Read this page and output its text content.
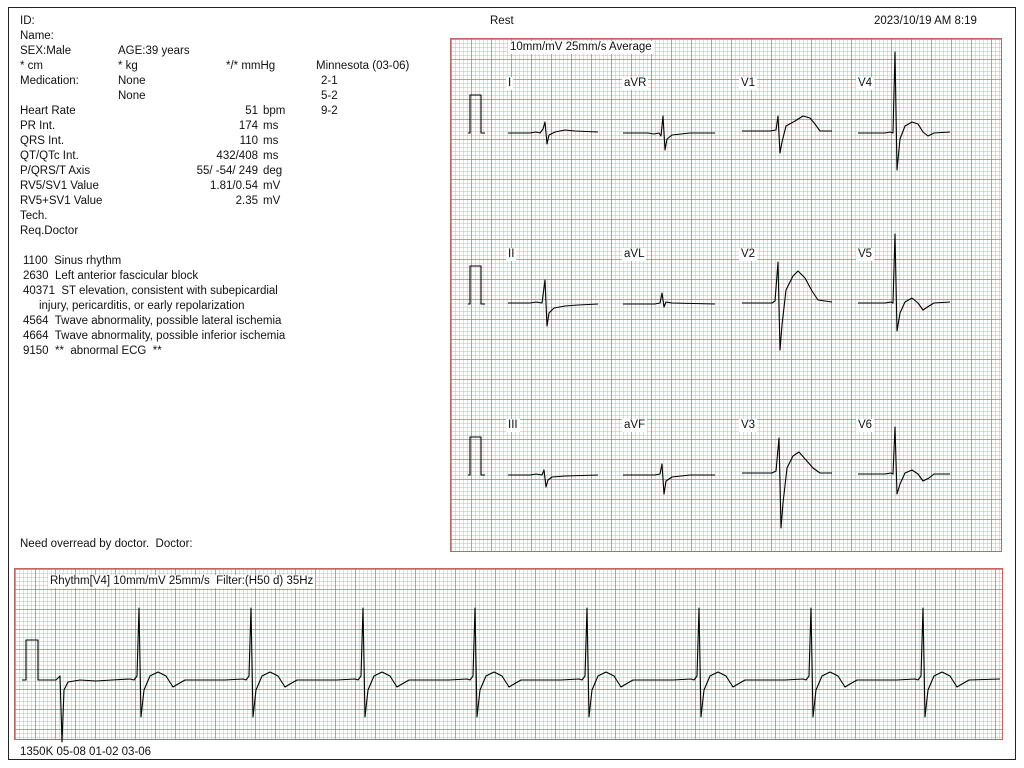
ID:	Rest	2023/10/19 AM 8:19
Name:
SEX:Male	AGE:39 years
* cm	* kg	*/* mmHg
Medication:	None
None
Minnesota (03-06)
2-1
5-2
9-2
Heart Rate	51 bpm
PR Int.	174 ms
QRS Int.	110 ms
QT/QTc Int.	432/408 ms
P/QRS/T Axis	55/ -54/ 249 deg
RV5/SV1 Value	1.81/0.54 mV
RV5+SV1 Value	2.35 mV
Tech.
Req.Doctor
1100  Sinus rhythm
2630  Left anterior fascicular block
40371  ST elevation, consistent with subepicardial
injury, pericarditis, or early repolarization
4564  Twave abnormality, possible lateral ischemia
4664  Twave abnormality, possible inferior ischemia
9150  **  abnormal ECG  **
Need overread by doctor.  Doctor:
10mm/mV 25mm/s Average
I	aVR	V1	V4
II	aVL	V2	V5
III	aVF	V3	V6
Rhythm[V4] 10mm/mV 25mm/s  Filter:(H50 d) 35Hz
1350K 05-08 01-02 03-06
